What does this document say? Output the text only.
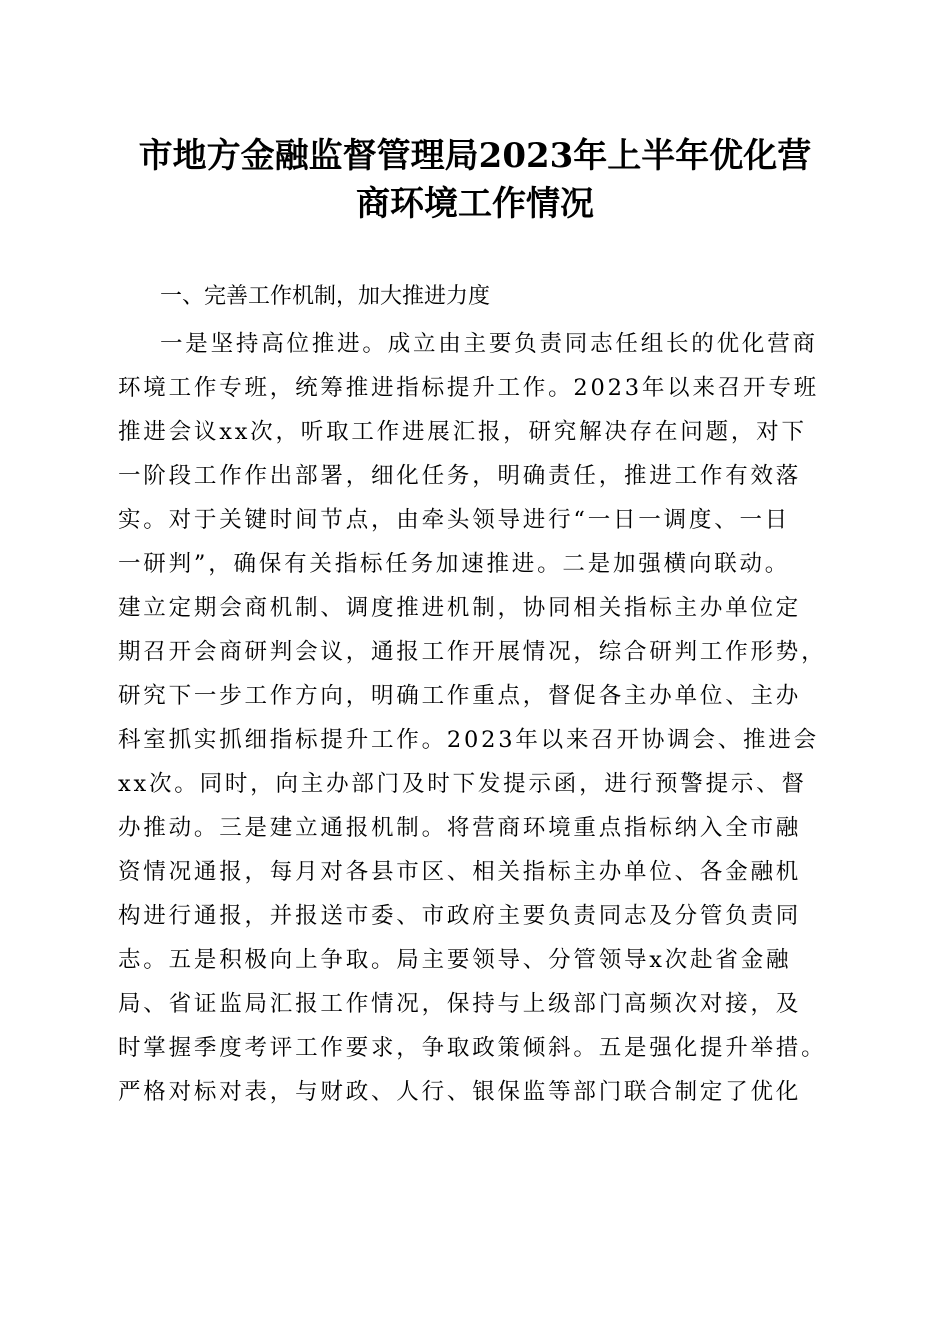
市地方金融监督管理局2023年上半年优化营
商环境工作情况
一、完善工作机制，加大推进力度
一是坚持高位推进。成立由主要负责同志任组长的优化营商
环境工作专班，统筹推进指标提升工作。2023年以来召开专班
推进会议xx次，听取工作进展汇报，研究解决存在问题，对下
一阶段工作作出部署，细化任务，明确责任，推进工作有效落
实。对于关键时间节点，由牵头领导进行“一日一调度、一日
一研判”，确保有关指标任务加速推进。二是加强横向联动。
建立定期会商机制、调度推进机制，协同相关指标主办单位定
期召开会商研判会议，通报工作开展情况，综合研判工作形势，
研究下一步工作方向，明确工作重点，督促各主办单位、主办
科室抓实抓细指标提升工作。2023年以来召开协调会、推进会
xx次。同时，向主办部门及时下发提示函，进行预警提示、督
办推动。三是建立通报机制。将营商环境重点指标纳入全市融
资情况通报，每月对各县市区、相关指标主办单位、各金融机
构进行通报，并报送市委、市政府主要负责同志及分管负责同
志。五是积极向上争取。局主要领导、分管领导x次赴省金融
局、省证监局汇报工作情况，保持与上级部门高频次对接，及
时掌握季度考评工作要求，争取政策倾斜。五是强化提升举措。
严格对标对表，与财政、人行、银保监等部门联合制定了优化
